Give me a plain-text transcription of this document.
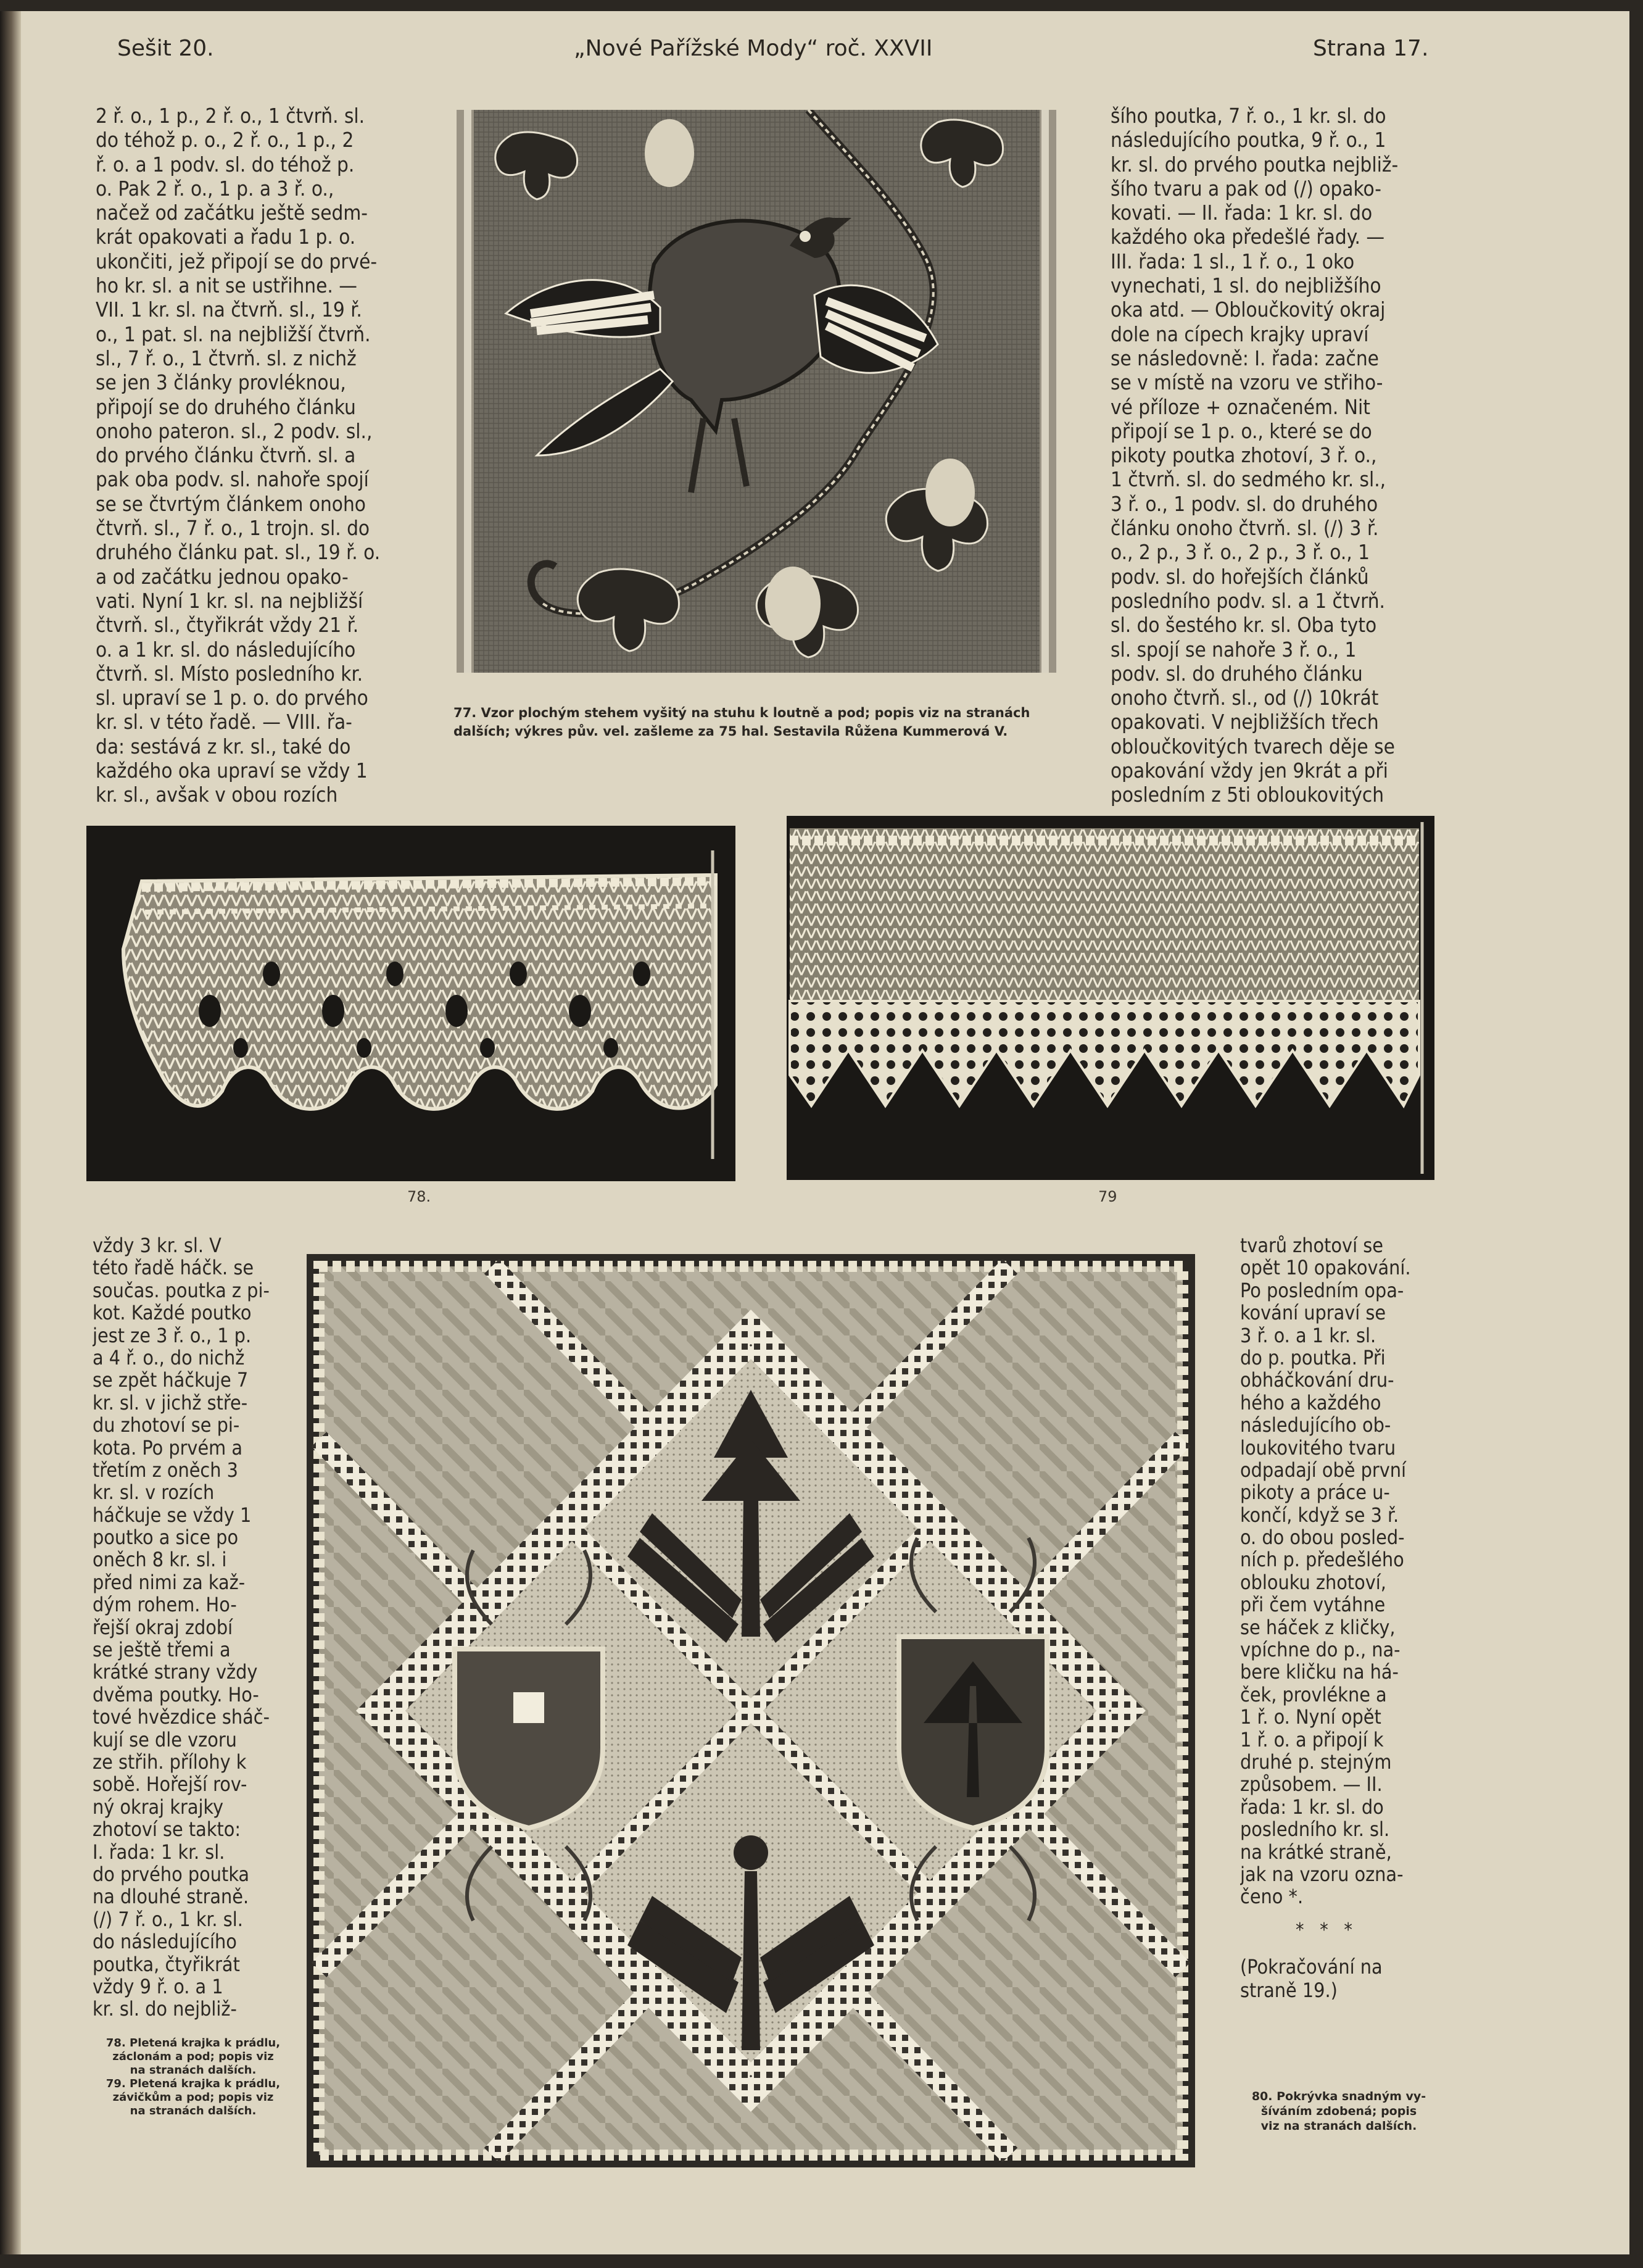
Sešit 20.	„Nové Pařížské Mody“ roč. XXVII	Strana 17.
2 ř. o., 1 p., 2 ř. o., 1 čtvrň. sl.
do téhož p. o., 2 ř. o., 1 p., 2
ř. o. a 1 podv. sl. do téhož p.
o. Pak 2 ř. o., 1 p. a 3 ř. o.,
načež od začátku ještě sedm-
krát opakovati a řadu 1 p. o.
ukončiti, jež připojí se do prvé-
ho kr. sl. a nit se ustřihne. —
VII. 1 kr. sl. na čtvrň. sl., 19 ř.
o., 1 pat. sl. na nejbližší čtvrň.
sl., 7 ř. o., 1 čtvrň. sl. z nichž
se jen 3 články provléknou,
připojí se do druhého článku
onoho pateron. sl., 2 podv. sl.,
do prvého článku čtvrň. sl. a
pak oba podv. sl. nahoře spojí
se se čtvrtým článkem onoho
čtvrň. sl., 7 ř. o., 1 trojn. sl. do
druhého článku pat. sl., 19 ř. o.
a od začátku jednou opako-
vati. Nyní 1 kr. sl. na nejbližší
čtvrň. sl., čtyřikrát vždy 21 ř.
o. a 1 kr. sl. do následujícího
čtvrň. sl. Místo posledního kr.
sl. upraví se 1 p. o. do prvého
kr. sl. v této řadě. — VIII. řa-
da: sestává z kr. sl., také do
každého oka upraví se vždy 1
kr. sl., avšak v obou rozích
77. Vzor plochým stehem vyšitý na stuhu k loutně a pod; popis viz na stranách
dalších; výkres pův. vel. zašleme za 75 hal. Sestavila Růžena Kummerová V.
šího poutka, 7 ř. o., 1 kr. sl. do
následujícího poutka, 9 ř. o., 1
kr. sl. do prvého poutka nejbliž-
šího tvaru a pak od (/) opako-
kovati. — II. řada: 1 kr. sl. do
každého oka předešlé řady. —
III. řada: 1 sl., 1 ř. o., 1 oko
vynechati, 1 sl. do nejbližšího
oka atd. — Obloučkovitý okraj
dole na cípech krajky upraví
se následovně: I. řada: začne
se v místě na vzoru ve střiho-
vé příloze + označeném. Nit
připojí se 1 p. o., které se do
pikoty poutka zhotoví, 3 ř. o.,
1 čtvrň. sl. do sedmého kr. sl.,
3 ř. o., 1 podv. sl. do druhého
článku onoho čtvrň. sl. (/) 3 ř.
o., 2 p., 3 ř. o., 2 p., 3 ř. o., 1
podv. sl. do hořejších článků
posledního podv. sl. a 1 čtvrň.
sl. do šestého kr. sl. Oba tyto
sl. spojí se nahoře 3 ř. o., 1
podv. sl. do druhého článku
onoho čtvrň. sl., od (/) 10krát
opakovati. V nejbližších třech
obloučkovitých tvarech děje se
opakování vždy jen 9krát a při
posledním z 5ti obloukovitých
78.	79
vždy 3 kr. sl. V
této řadě háčk. se
součas. poutka z pi-
kot. Každé poutko
jest ze 3 ř. o., 1 p.
a 4 ř. o., do nichž
se zpět háčkuje 7
kr. sl. v jichž stře-
du zhotoví se pi-
kota. Po prvém a
třetím z oněch 3
kr. sl. v rozích
háčkuje se vždy 1
poutko a sice po
oněch 8 kr. sl. i
před nimi za kaž-
dým rohem. Ho-
řejší okraj zdobí
se ještě třemi a
krátké strany vždy
dvěma poutky. Ho-
tové hvězdice sháč-
kují se dle vzoru
ze střih. přílohy k
sobě. Hořejší rov-
ný okraj krajky
zhotoví se takto:
I. řada: 1 kr. sl.
do prvého poutka
na dlouhé straně.
(/) 7 ř. o., 1 kr. sl.
do následujícího
poutka, čtyřikrát
vždy 9 ř. o. a 1
kr. sl. do nejbliž-
78. Pletená krajka k prádlu,
záclonám a pod; popis viz
na stranách dalších.
79. Pletená krajka k prádlu,
závičkům a pod; popis viz
na stranách dalších.
tvarů zhotoví se
opět 10 opakování.
Po posledním opa-
kování upraví se
3 ř. o. a 1 kr. sl.
do p. poutka. Při
obháčkování dru-
hého a každého
následujícího ob-
loukovitého tvaru
odpadají obě první
pikoty a práce u-
končí, když se 3 ř.
o. do obou posled-
ních p. předešlého
oblouku zhotoví,
při čem vytáhne
se háček z kličky,
vpíchne do p., na-
bere kličku na há-
ček, provlékne a
1 ř. o. Nyní opět
1 ř. o. a připojí k
druhé p. stejným
způsobem. — II.
řada: 1 kr. sl. do
posledního kr. sl.
na krátké straně,
jak na vzoru ozna-
čeno *.
*   *   *
(Pokračování na
straně 19.)
80. Pokrývka snadným vy-
šíváním zdobená; popis
viz na stranách dalších.
